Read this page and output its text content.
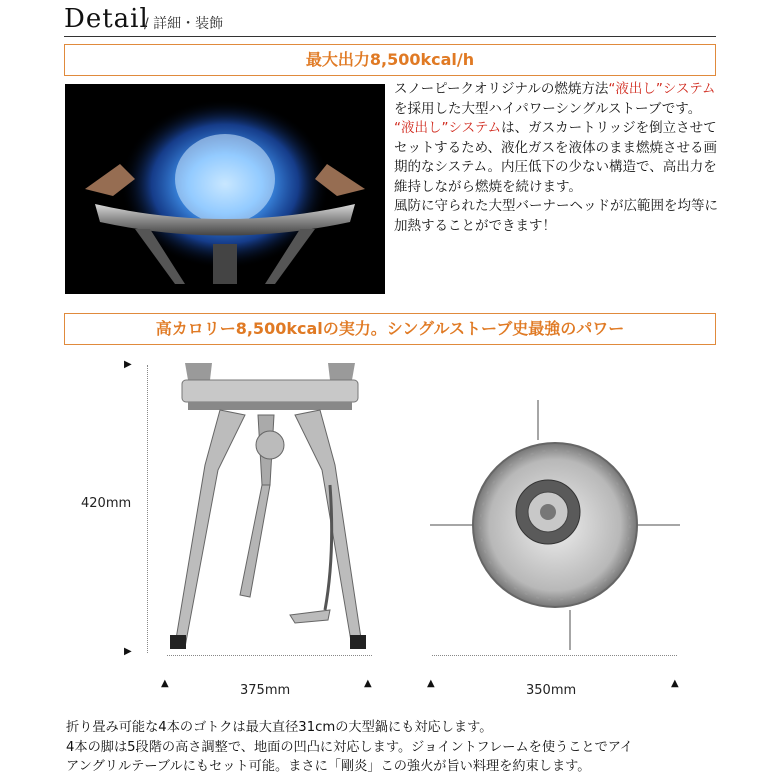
Detail
/ 詳細・装飾
最大出力8,500kcal/h

スノーピークオリジナルの燃焼方法“液出し”システムを採用した大型ハイパワーシングルストーブです。

“液出し”システムは、ガスカートリッジを倒立させてセットするため、液化ガスを液体のまま燃焼させる画期的なシステム。内圧低下の少ない構造で、高出力を維持しながら燃焼を続けます。

風防に守られた大型バーナーヘッドが広範囲を均等に加熱することができます！

高カロリー8,500kcalの実力。シングルストーブ史最強のパワー
▶
▶
420mm
▲	▲
375mm	▲	▲
350mm

折り畳み可能な4本のゴトクは最大直径31cmの大型鍋にも対応します。

4本の脚は5段階の高さ調整で、地面の凹凸に対応します。ジョイントフレームを使うことでアイ

アングリルテーブルにもセット可能。まさに「剛炎」この強火が旨い料理を約束します。
